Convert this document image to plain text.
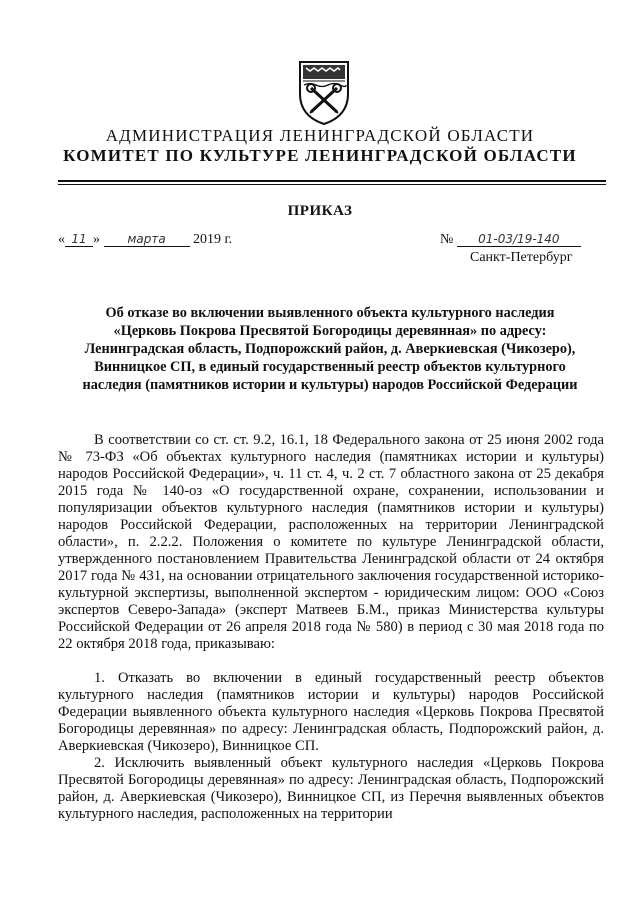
АДМИНИСТРАЦИЯ ЛЕНИНГРАДСКОЙ ОБЛАСТИ
КОМИТЕТ ПО КУЛЬТУРЕ ЛЕНИНГРАДСКОЙ ОБЛАСТИ
ПРИКАЗ
« 11 » марта 2019 г.	№ 01-03/19-140
Санкт-Петербург
Об отказе во включении выявленного объекта культурного наследия
«Церковь Покрова Пресвятой Богородицы деревянная» по адресу:
Ленинградская область, Подпорожский район, д. Аверкиевская (Чикозеро),
Винницкое СП, в единый государственный реестр объектов культурного
наследия (памятников истории и культуры) народов Российской Федерации

В соответствии со ст. ст. 9.2, 16.1, 18 Федерального закона от 25 июня 2002 года № 73-ФЗ «Об объектах культурного наследия (памятниках истории и культуры) народов Российской Федерации», ч. 11 ст. 4, ч. 2 ст. 7 областного закона от 25 декабря 2015 года № 140-оз «О государственной охране, сохранении, использовании и популяризации объектов культурного наследия (памятников истории и культуры) народов Российской Федерации, расположенных на территории Ленинградской области», п. 2.2.2. Положения о комитете по культуре Ленинградской области, утвержденного постановлением Правительства Ленинградской области от 24 октября 2017 года № 431, на основании отрицательного заключения государственной историко-культурной экспертизы, выполненной экспертом - юридическим лицом: ООО «Союз экспертов Северо-Запада» (эксперт Матвеев Б.М., приказ Министерства культуры Российской Федерации от 26 апреля 2018 года № 580) в период с 30 мая 2018 года по 22 октября 2018 года, приказываю:

1. Отказать во включении в единый государственный реестр объектов культурного наследия (памятников истории и культуры) народов Российской Федерации выявленного объекта культурного наследия «Церковь Покрова Пресвятой Богородицы деревянная» по адресу: Ленинградская область, Подпорожский район, д. Аверкиевская (Чикозеро), Винницкое СП.

2. Исключить выявленный объект культурного наследия «Церковь Покрова Пресвятой Богородицы деревянная» по адресу: Ленинградская область, Подпорожский район, д. Аверкиевская (Чикозеро), Винницкое СП, из Перечня выявленных объектов культурного наследия, расположенных на территории
